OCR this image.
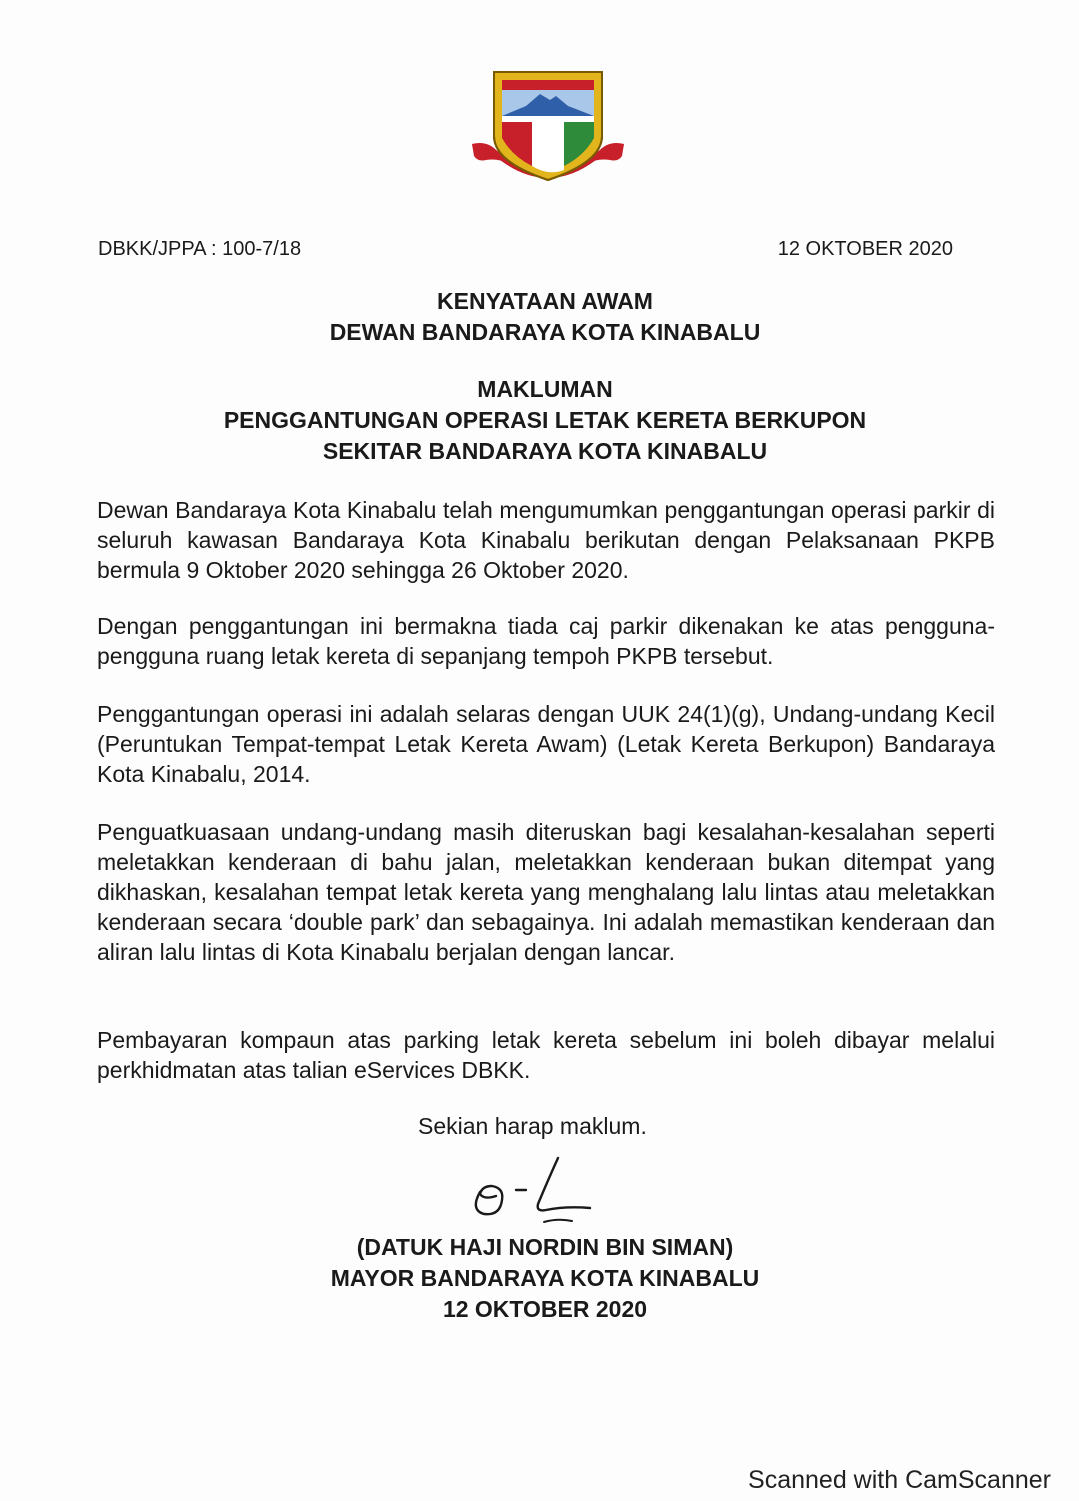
DBKK/JPPA : 100-7/18	12 OKTOBER 2020
KENYATAAN AWAM
DEWAN BANDARAYA KOTA KINABALU
MAKLUMAN
PENGGANTUNGAN OPERASI LETAK KERETA BERKUPON
SEKITAR BANDARAYA KOTA KINABALU

Dewan Bandaraya Kota Kinabalu telah mengumumkan penggantungan operasi parkir di seluruh kawasan Bandaraya Kota Kinabalu berikutan dengan Pelaksanaan PKPB bermula 9 Oktober 2020 sehingga 26 Oktober 2020.

Dengan penggantungan ini bermakna tiada caj parkir dikenakan ke atas pengguna-pengguna ruang letak kereta di sepanjang tempoh PKPB tersebut.

Penggantungan operasi ini adalah selaras dengan UUK 24(1)(g), Undang-undang Kecil (Peruntukan Tempat-tempat Letak Kereta Awam) (Letak Kereta Berkupon) Bandaraya Kota Kinabalu, 2014.

Penguatkuasaan undang-undang masih diteruskan bagi kesalahan-kesalahan seperti meletakkan kenderaan di bahu jalan, meletakkan kenderaan bukan ditempat yang dikhaskan, kesalahan tempat letak kereta yang menghalang lalu lintas atau meletakkan kenderaan secara ‘double park’ dan sebagainya. Ini adalah memastikan kenderaan dan aliran lalu lintas di Kota Kinabalu berjalan dengan lancar.

Pembayaran kompaun atas parking letak kereta sebelum ini boleh dibayar melalui perkhidmatan atas talian eServices DBKK.

Sekian harap maklum.
(DATUK HAJI NORDIN BIN SIMAN)
MAYOR BANDARAYA KOTA KINABALU
12 OKTOBER 2020
Scanned with CamScanner
